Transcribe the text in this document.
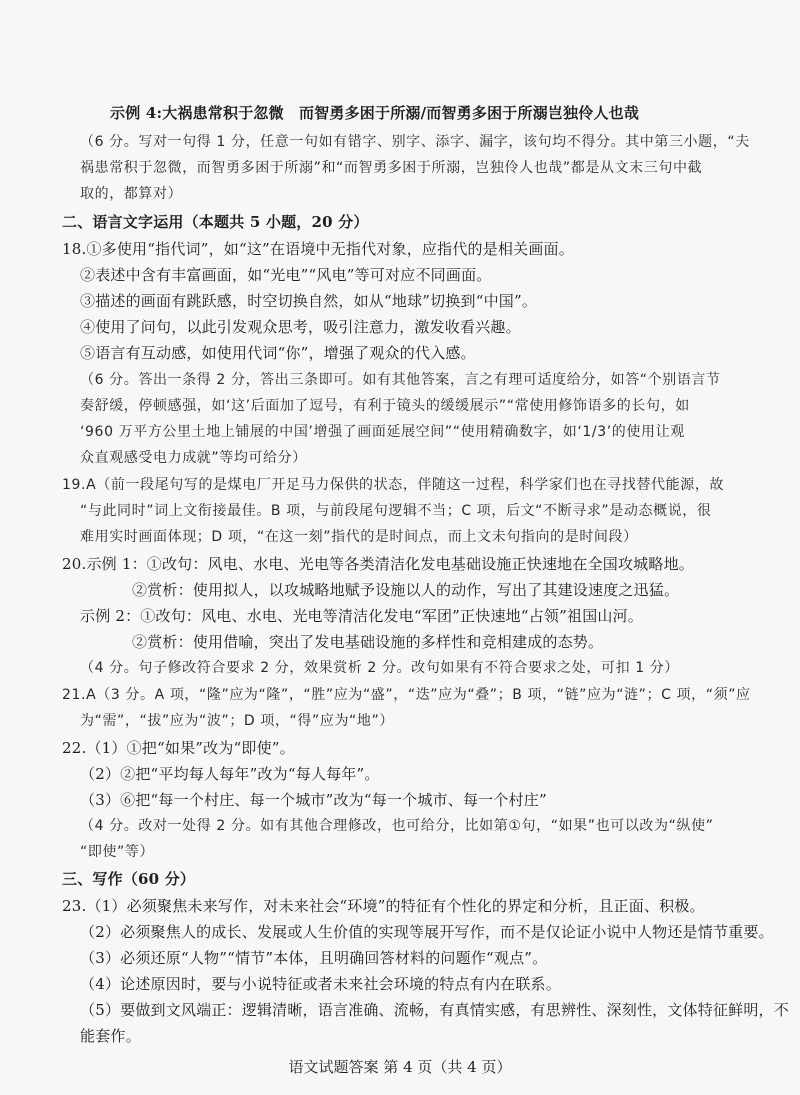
示例 4:大祸患常积于忽微　而智勇多困于所溺/而智勇多困于所溺岂独伶人也哉
（6 分。写对一句得 1 分，任意一句如有错字、别字、添字、漏字，该句均不得分。其中第三小题，“夫
祸患常积于忽微，而智勇多困于所溺”和“而智勇多困于所溺，岂独伶人也哉”都是从文末三句中截
取的，都算对）
二、语言文字运用（本题共 5 小题，20 分）
18.①多使用“指代词”，如“这”在语境中无指代对象，应指代的是相关画面。
②表述中含有丰富画面，如“光电”“风电”等可对应不同画面。
③描述的画面有跳跃感，时空切换自然，如从“地球”切换到“中国”。
④使用了问句，以此引发观众思考，吸引注意力，激发收看兴趣。
⑤语言有互动感，如使用代词“你”，增强了观众的代入感。
（6 分。答出一条得 2 分，答出三条即可。如有其他答案，言之有理可适度给分，如答“个别语言节
奏舒缓，停顿感强，如‘这’后面加了逗号，有利于镜头的缓缓展示”“常使用修饰语多的长句，如
‘960 万平方公里土地上铺展的中国’增强了画面延展空间”“使用精确数字，如‘1/3’的使用让观
众直观感受电力成就”等均可给分）
19.A（前一段尾句写的是煤电厂开足马力保供的状态，伴随这一过程，科学家们也在寻找替代能源，故
“与此同时”词上文衔接最佳。B 项，与前段尾句逻辑不当；C 项，后文“不断寻求”是动态概说，很
难用实时画面体现；D 项，“在这一刻”指代的是时间点，而上文未句指向的是时间段）
20.示例 1：①改句：风电、水电、光电等各类清洁化发电基础设施正快速地在全国攻城略地。
②赏析：使用拟人，以攻城略地赋予设施以人的动作，写出了其建设速度之迅猛。
示例 2：①改句：风电、水电、光电等清洁化发电“军团”正快速地“占领”祖国山河。
②赏析：使用借喻，突出了发电基础设施的多样性和竞相建成的态势。
（4 分。句子修改符合要求 2 分，效果赏析 2 分。改句如果有不符合要求之处，可扣 1 分）
21.A（3 分。A 项，“隆”应为“隆”，“胜”应为“盛”，“迭”应为“叠”；B 项，“链”应为“涟”；C 项，“须”应
为“需”，“拔”应为“波”；D 项，“得”应为“地”）
22.（1）①把“如果”改为“即使”。
（2）②把“平均每人每年”改为“每人每年”。
（3）⑥把“每一个村庄、每一个城市”改为“每一个城市、每一个村庄”
（4 分。改对一处得 2 分。如有其他合理修改，也可给分，比如第①句，“如果”也可以改为“纵使”
“即使”等）
三、写作（60 分）
23.（1）必须聚焦未来写作，对未来社会“环境”的特征有个性化的界定和分析，且正面、积极。
（2）必须聚焦人的成长、发展或人生价值的实现等展开写作，而不是仅论证小说中人物还是情节重要。
（3）必须还原“人物”“情节”本体，且明确回答材料的问题作“观点”。
（4）论述原因时，要与小说特征或者未来社会环境的特点有内在联系。
（5）要做到文风端正：逻辑清晰，语言准确、流畅，有真情实感，有思辨性、深刻性，文体特征鲜明，不
能套作。
语文试题答案 第 4 页（共 4 页）
